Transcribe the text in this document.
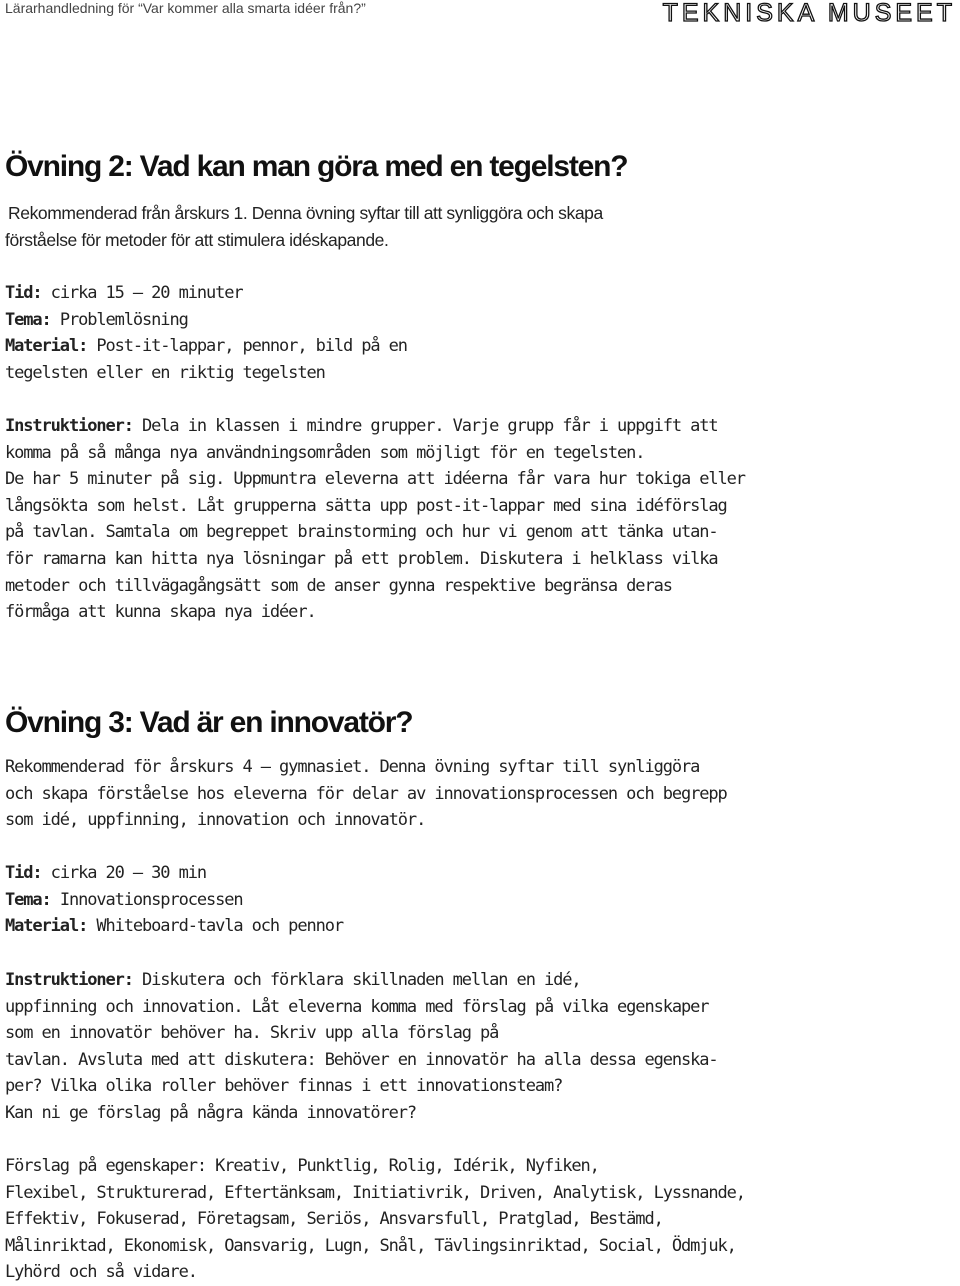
Lärarhandledning för “Var kommer alla smarta idéer från?”	TEKNISKA MUSEET
Övning 2: Vad kan man göra med en tegelsten?
Rekommenderad från årskurs 1. Denna övning syftar till att synliggöra och skapa
förståelse för metoder för att stimulera idéskapande.
Tid: cirka 15 – 20 minuter
Tema: Problemlösning
Material: Post-it-lappar, pennor, bild på en
tegelsten eller en riktig tegelsten
Instruktioner: Dela in klassen i mindre grupper. Varje grupp får i uppgift att
komma på så många nya användningsområden som möjligt för en tegelsten.
De har 5 minuter på sig. Uppmuntra eleverna att idéerna får vara hur tokiga eller
långsökta som helst. Låt grupperna sätta upp post-it-lappar med sina idéförslag
på tavlan. Samtala om begreppet brainstorming och hur vi genom att tänka utan-
för ramarna kan hitta nya lösningar på ett problem. Diskutera i helklass vilka
metoder och tillvägagångsätt som de anser gynna respektive begränsa deras
förmåga att kunna skapa nya idéer.
Övning 3: Vad är en innovatör?
Rekommenderad för årskurs 4 – gymnasiet. Denna övning syftar till synliggöra
och skapa förståelse hos eleverna för delar av innovationsprocessen och begrepp
som idé, uppfinning, innovation och innovatör.
Tid: cirka 20 – 30 min
Tema: Innovationsprocessen
Material: Whiteboard-tavla och pennor
Instruktioner: Diskutera och förklara skillnaden mellan en idé,
uppfinning och innovation. Låt eleverna komma med förslag på vilka egenskaper
som en innovatör behöver ha. Skriv upp alla förslag på
tavlan. Avsluta med att diskutera: Behöver en innovatör ha alla dessa egenska-
per? Vilka olika roller behöver finnas i ett innovationsteam?
Kan ni ge förslag på några kända innovatörer?
Förslag på egenskaper: Kreativ, Punktlig, Rolig, Idérik, Nyfiken,
Flexibel, Strukturerad, Eftertänksam, Initiativrik, Driven, Analytisk, Lyssnande,
Effektiv, Fokuserad, Företagsam, Seriös, Ansvarsfull, Pratglad, Bestämd,
Målinriktad, Ekonomisk, Oansvarig, Lugn, Snål, Tävlingsinriktad, Social, Ödmjuk,
Lyhörd och så vidare.
